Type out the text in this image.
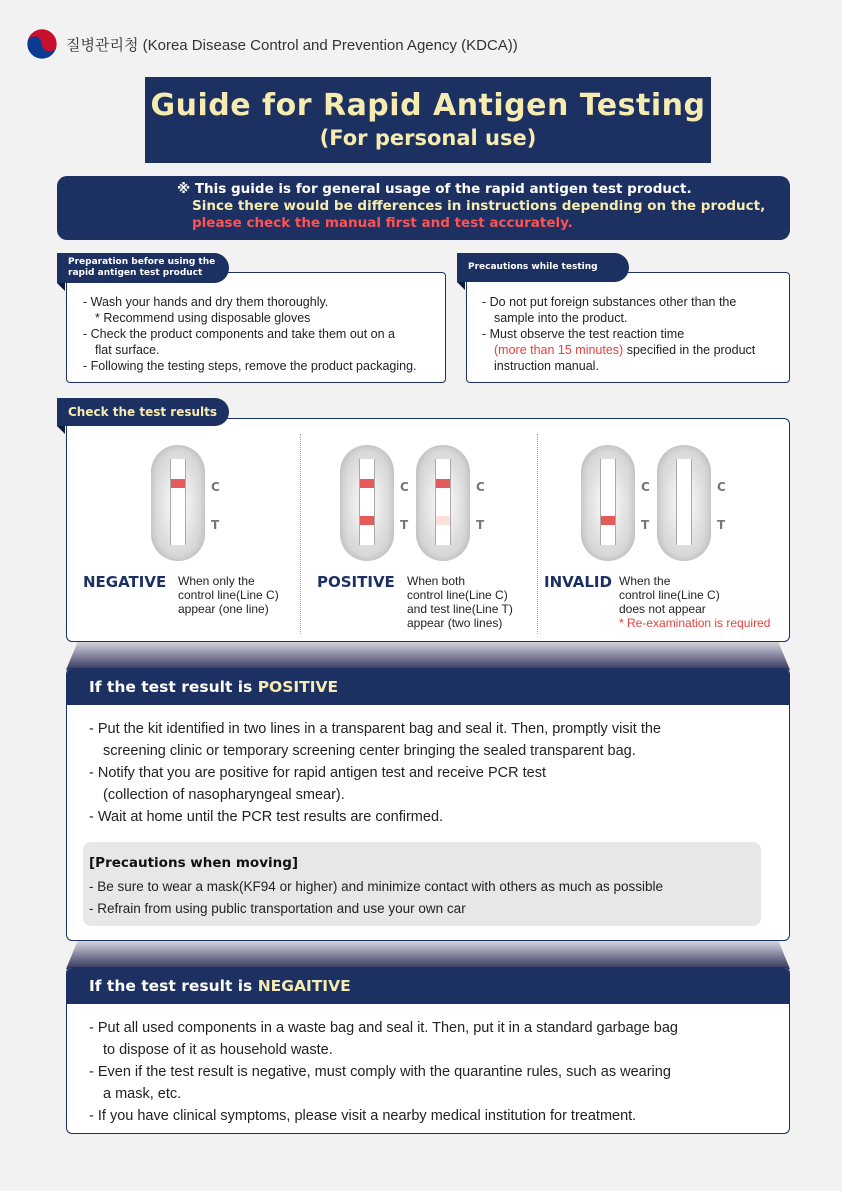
질병관리청 (Korea Disease Control and Prevention Agency (KDCA))
Guide for Rapid Antigen Testing
(For personal use)
※ This guide is for general usage of the rapid antigen test product.
Since there would be differences in instructions depending on the product,
please check the manual first and test accurately.
- Wash your hands and dry them thoroughly.
* Recommend using disposable gloves
- Check the product components and take them out on a
flat surface.
- Following the testing steps, remove the product packaging.
Preparation before using the
rapid antigen test product
- Do not put foreign substances other than the
sample into the product.
- Must observe the test reaction time
(more than 15 minutes) specified in the product
instruction manual.
Precautions while testing
C
T
NEGATIVE When only the
control line(Line C)
appear (one line)
C
T
C
T
POSITIVE When both
control line(Line C)
and test line(Line T)
appear (two lines)
C
T
C
T
INVALID When the
control line(Line C)
does not appear
* Re-examination is required
Check the test results
If the test result is POSITIVE
- Put the kit identified in two lines in a transparent bag and seal it. Then, promptly visit the
screening clinic or temporary screening center bringing the sealed transparent bag.
- Notify that you are positive for rapid antigen test and receive PCR test
(collection of nasopharyngeal smear).
- Wait at home until the PCR test results are confirmed.
[Precautions when moving]
- Be sure to wear a mask(KF94 or higher) and minimize contact with others as much as possible
- Refrain from using public transportation and use your own car
If the test result is NEGAITIVE
- Put all used components in a waste bag and seal it. Then, put it in a standard garbage bag
to dispose of it as household waste.
- Even if the test result is negative, must comply with the quarantine rules, such as wearing
a mask, etc.
- If you have clinical symptoms, please visit a nearby medical institution for treatment.
